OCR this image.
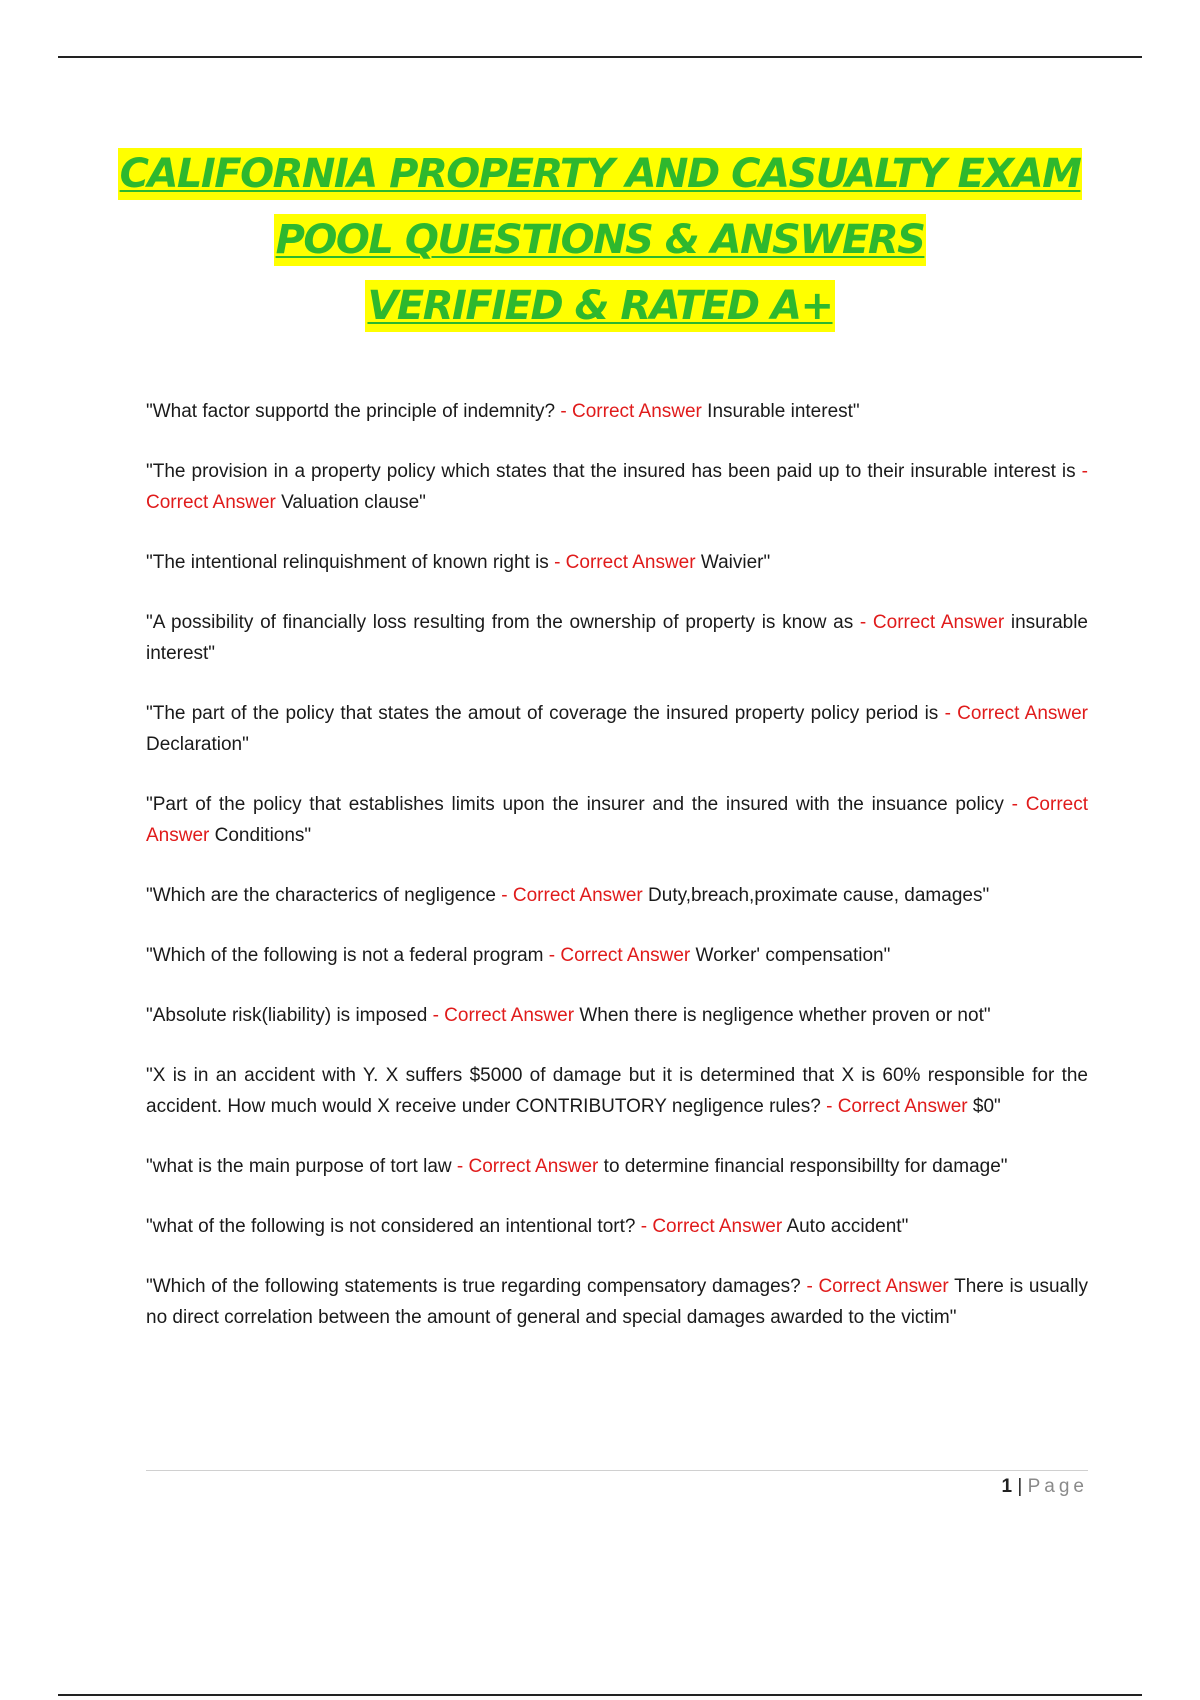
CALIFORNIA PROPERTY AND CASUALTY EXAM
POOL QUESTIONS & ANSWERS
VERIFIED & RATED A+

"What factor supportd the principle of indemnity? - Correct Answer Insurable interest"

"The provision in a property policy which states that the insured has been paid up to their insurable interest is - Correct Answer Valuation clause"

"The intentional relinquishment of known right is - Correct Answer Waivier"

"A possibility of financially loss resulting from the ownership of property is know as - Correct Answer insurable interest"

"The part of the policy that states the amout of coverage the insured property policy period is - Correct Answer Declaration"

"Part of the policy that establishes limits upon the insurer and the insured with the insuance policy - Correct Answer Conditions"

"Which are the characterics of negligence - Correct Answer Duty,breach,proximate cause, damages"

"Which of the following is not a federal program - Correct Answer Worker' compensation"

"Absolute risk(liability) is imposed - Correct Answer When there is negligence whether proven or not"

"X is in an accident with Y. X suffers $5000 of damage but it is determined that X is 60% responsible for the accident. How much would X receive under CONTRIBUTORY negligence rules? - Correct Answer $0"

"what is the main purpose of tort law - Correct Answer to determine financial responsibillty for damage"

"what of the following is not considered an intentional tort? - Correct Answer Auto accident"

"Which of the following statements is true regarding compensatory damages? - Correct Answer There is usually no direct correlation between the amount of general and special damages awarded to the victim"

1 | Page
